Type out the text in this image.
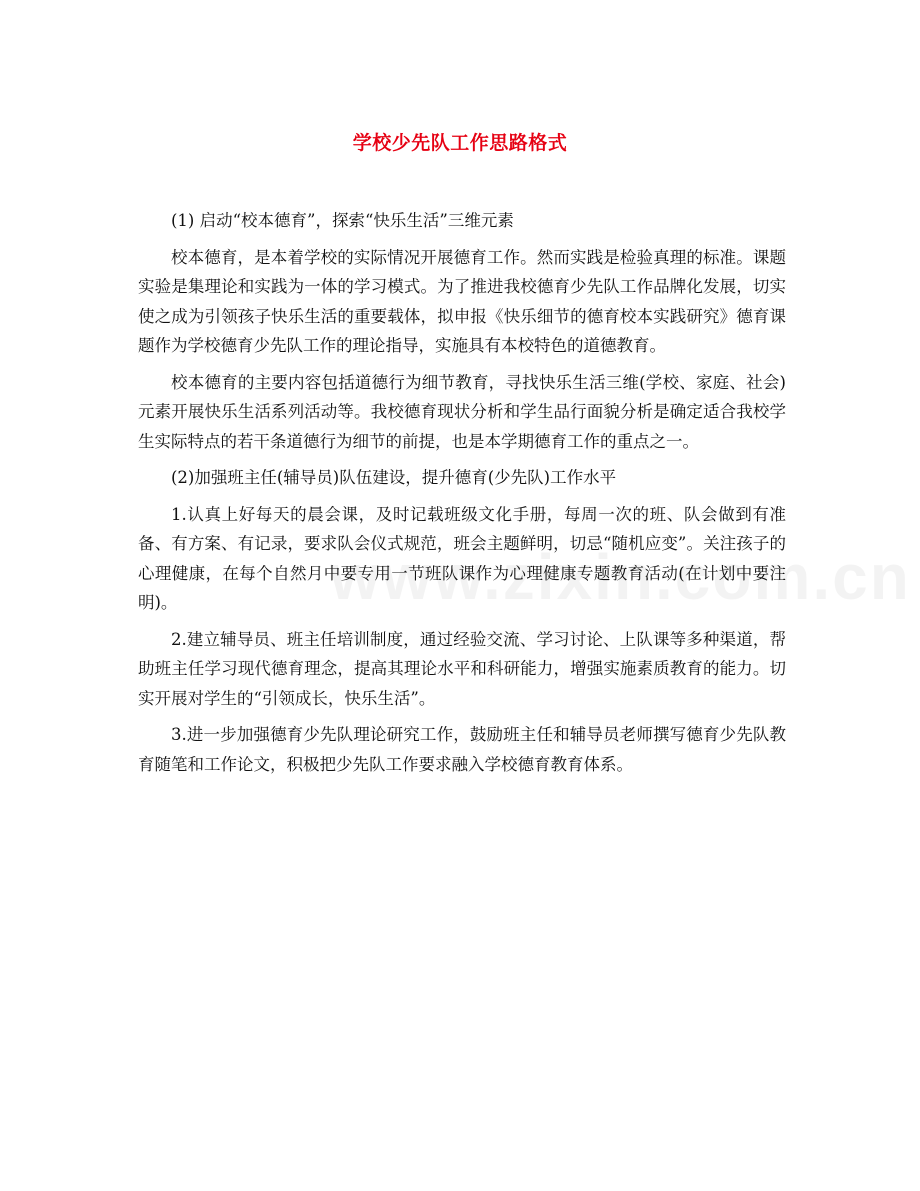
学校少先队工作思路格式

(1) 启动“校本德育”，探索“快乐生活”三维元素

校本德育，是本着学校的实际情况开展德育工作。然而实践是检验真理的标准。课题实验是集理论和实践为一体的学习模式。为了推进我校德育少先队工作品牌化发展，切实使之成为引领孩子快乐生活的重要载体，拟申报《快乐细节的德育校本实践研究》德育课题作为学校德育少先队工作的理论指导，实施具有本校特色的道德教育。

校本德育的主要内容包括道德行为细节教育，寻找快乐生活三维(学校、家庭、社会)元素开展快乐生活系列活动等。我校德育现状分析和学生品行面貌分析是确定适合我校学生实际特点的若干条道德行为细节的前提，也是本学期德育工作的重点之一。

(2)加强班主任(辅导员)队伍建设，提升德育(少先队)工作水平

1.认真上好每天的晨会课，及时记载班级文化手册，每周一次的班、队会做到有准备、有方案、有记录，要求队会仪式规范，班会主题鲜明，切忌“随机应变”。关注孩子的心理健康，在每个自然月中要专用一节班队课作为心理健康专题教育活动(在计划中要注明)。

2.建立辅导员、班主任培训制度，通过经验交流、学习讨论、上队课等多种渠道，帮助班主任学习现代德育理念，提高其理论水平和科研能力，增强实施素质教育的能力。切实开展对学生的“引领成长，快乐生活”。

3.进一步加强德育少先队理论研究工作，鼓励班主任和辅导员老师撰写德育少先队教育随笔和工作论文，积极把少先队工作要求融入学校德育教育体系。
